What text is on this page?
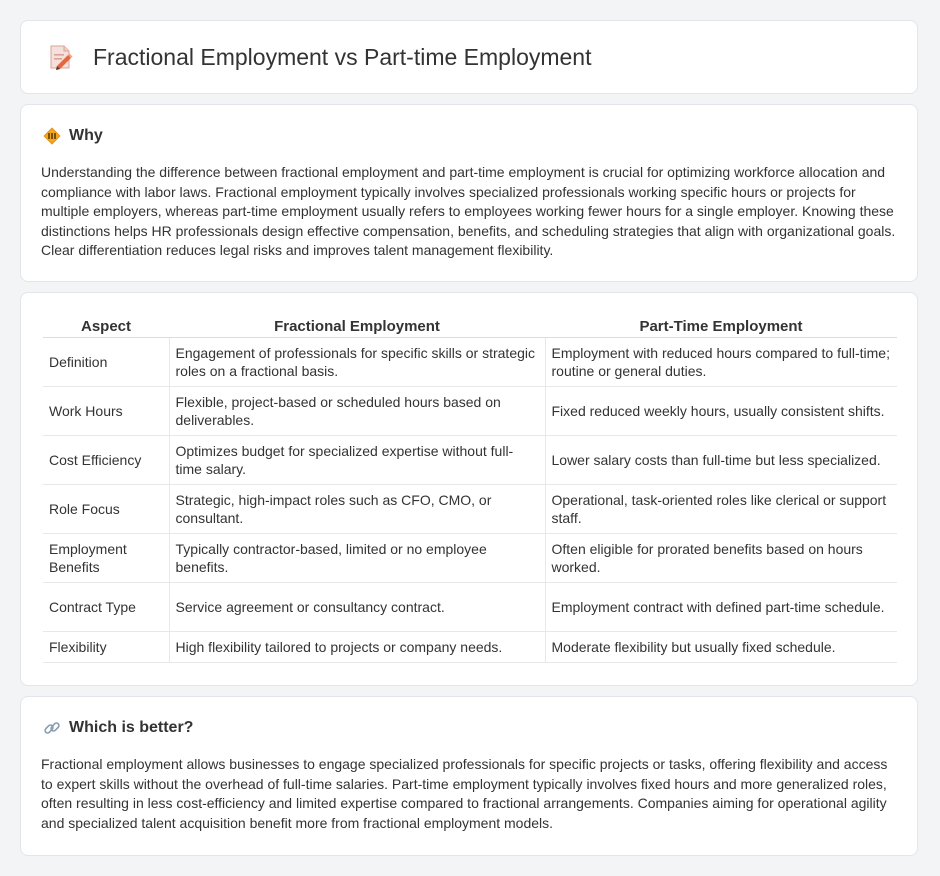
Fractional Employment vs Part-time Employment
Why

Understanding the difference between fractional employment and part-time employment is crucial for optimizing workforce allocation and compliance with labor laws. Fractional employment typically involves specialized professionals working specific hours or projects for multiple employers, whereas part-time employment usually refers to employees working fewer hours for a single employer. Knowing these distinctions helps HR professionals design effective compensation, benefits, and scheduling strategies that align with organizational goals. Clear differentiation reduces legal risks and improves talent management flexibility.

Aspect	Fractional Employment	Part-Time Employment
Definition	Engagement of professionals for specific skills or strategic roles on a fractional basis.	Employment with reduced hours compared to full-time; routine or general duties.
Work Hours	Flexible, project-based or scheduled hours based on deliverables.	Fixed reduced weekly hours, usually consistent shifts.
Cost Efficiency	Optimizes budget for specialized expertise without full-time salary.	Lower salary costs than full-time but less specialized.
Role Focus	Strategic, high-impact roles such as CFO, CMO, or consultant.	Operational, task-oriented roles like clerical or support staff.
Employment Benefits	Typically contractor-based, limited or no employee benefits.	Often eligible for prorated benefits based on hours worked.
Contract Type	Service agreement or consultancy contract.	Employment contract with defined part-time schedule.
Flexibility	High flexibility tailored to projects or company needs.	Moderate flexibility but usually fixed schedule.
Which is better?

Fractional employment allows businesses to engage specialized professionals for specific projects or tasks, offering flexibility and access to expert skills without the overhead of full-time salaries. Part-time employment typically involves fixed hours and more generalized roles, often resulting in less cost-efficiency and limited expertise compared to fractional arrangements. Companies aiming for operational agility and specialized talent acquisition benefit more from fractional employment models.
